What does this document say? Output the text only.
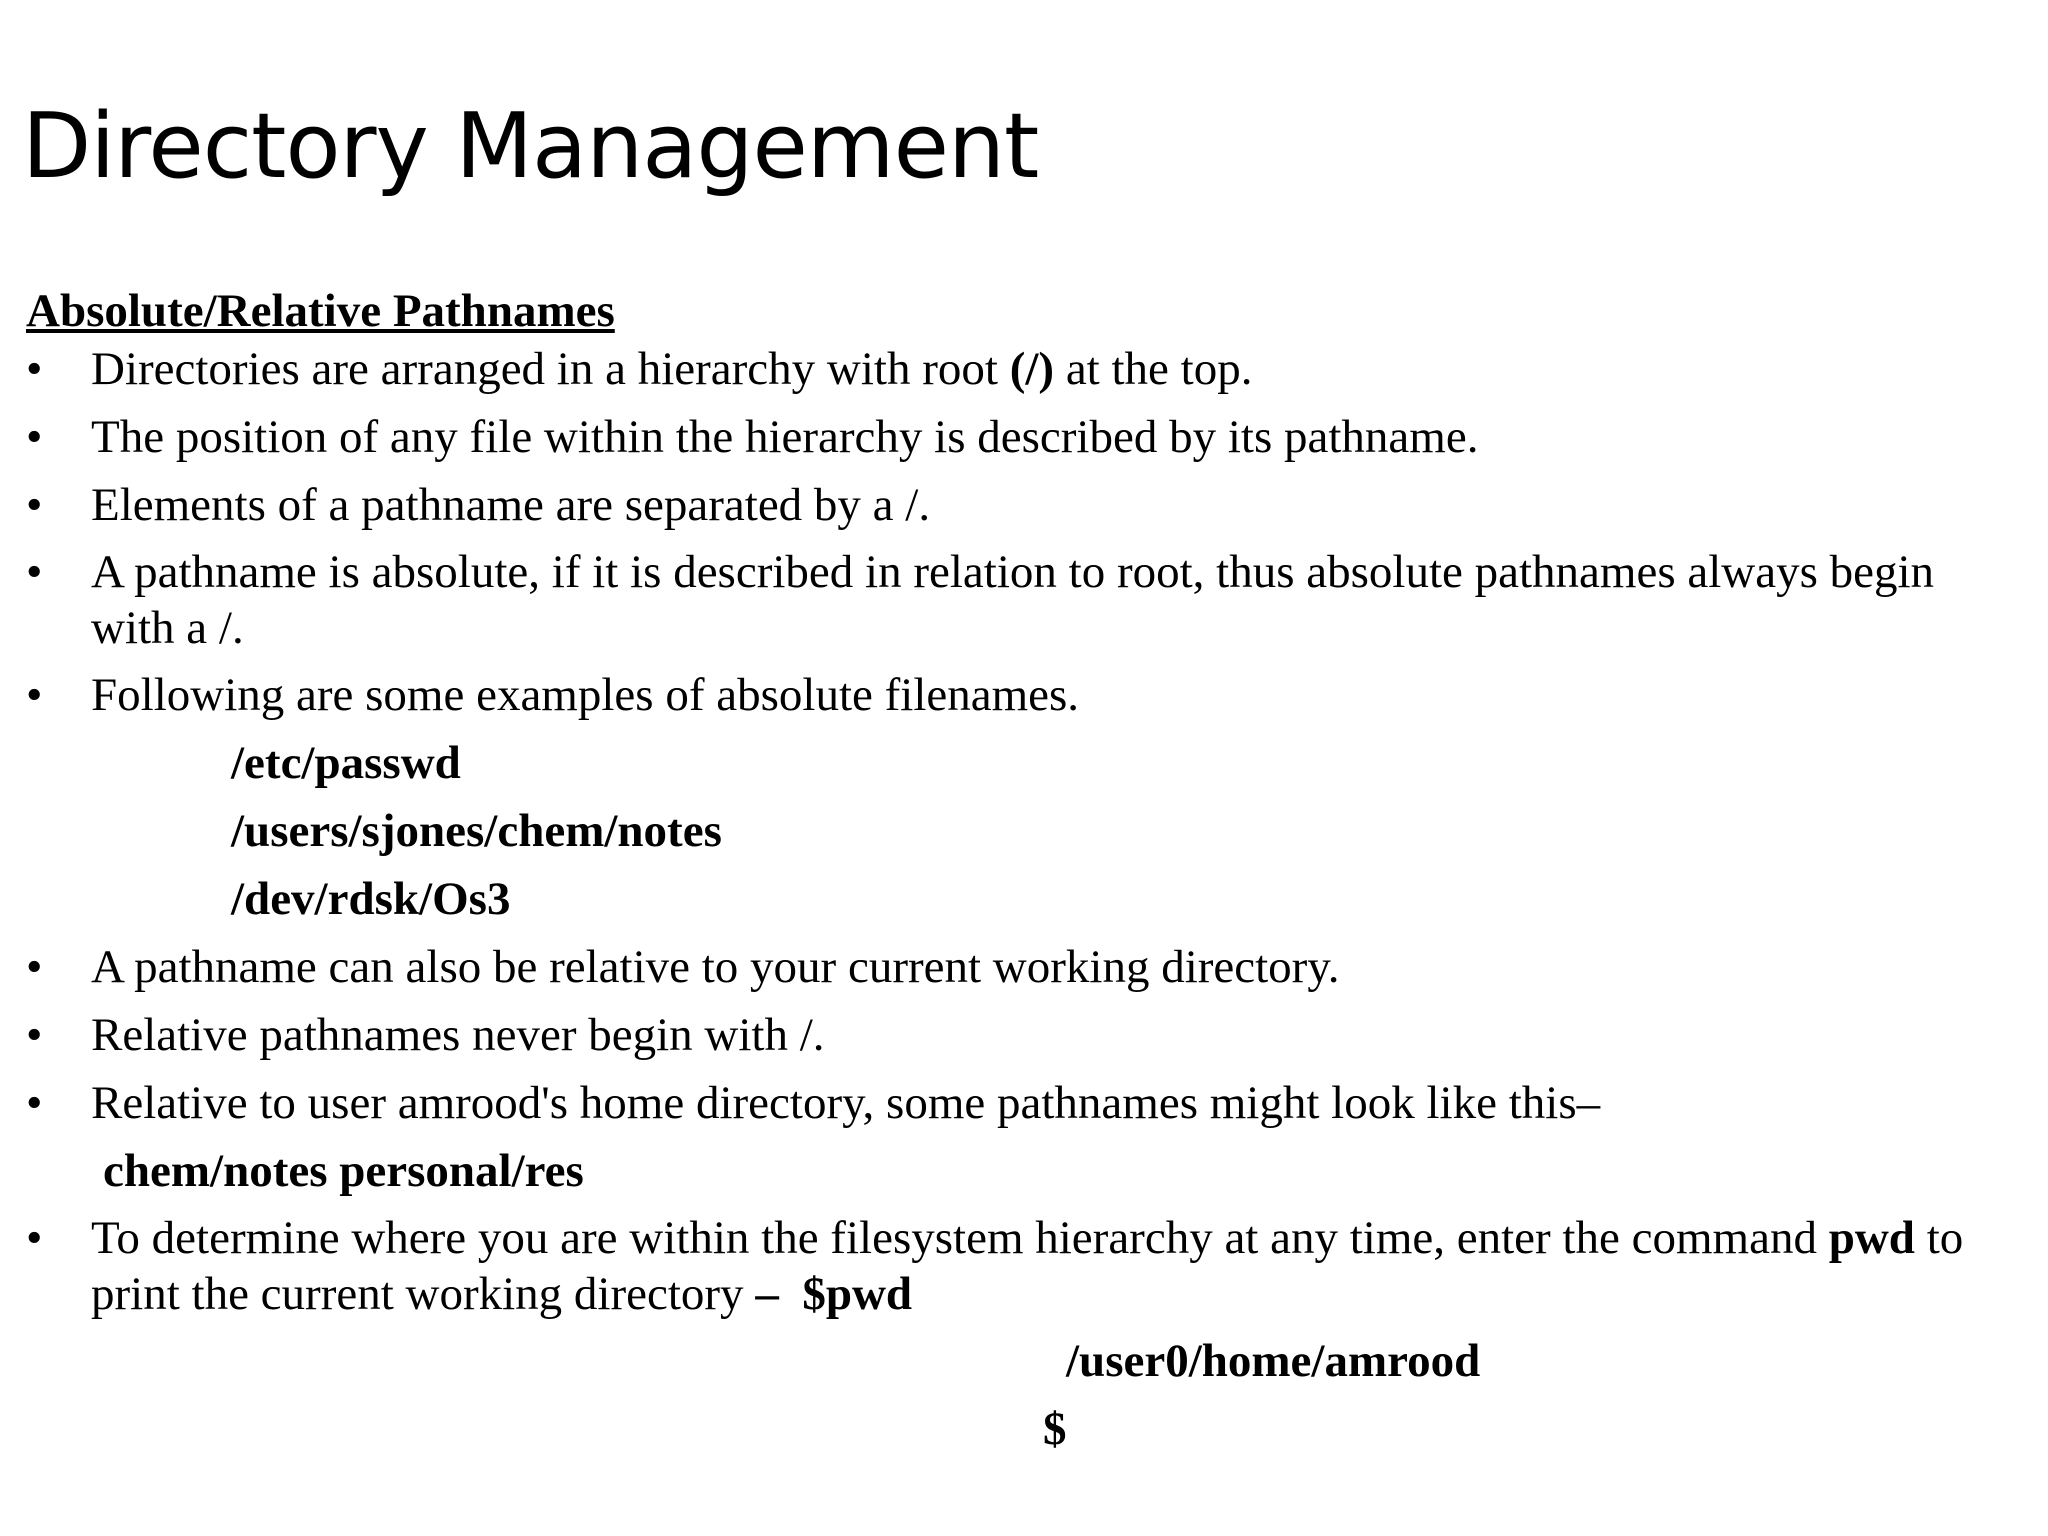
Directory Management
Absolute/Relative Pathnames
• Directories are arranged in a hierarchy with root (/) at the top.
• The position of any file within the hierarchy is described by its pathname.
• Elements of a pathname are separated by a /.
• A pathname is absolute, if it is described in relation to root, thus absolute pathnames always begin with a /.
• Following are some examples of absolute filenames.
/etc/passwd
/users/sjones/chem/notes
/dev/rdsk/Os3
• A pathname can also be relative to your current working directory.
• Relative pathnames never begin with /.
• Relative to user amrood's home directory, some pathnames might look like this–
chem/notes personal/res
• To determine where you are within the filesystem hierarchy at any time, enter the command pwd to print the current working directory – $pwd
/user0/home/amrood
$
